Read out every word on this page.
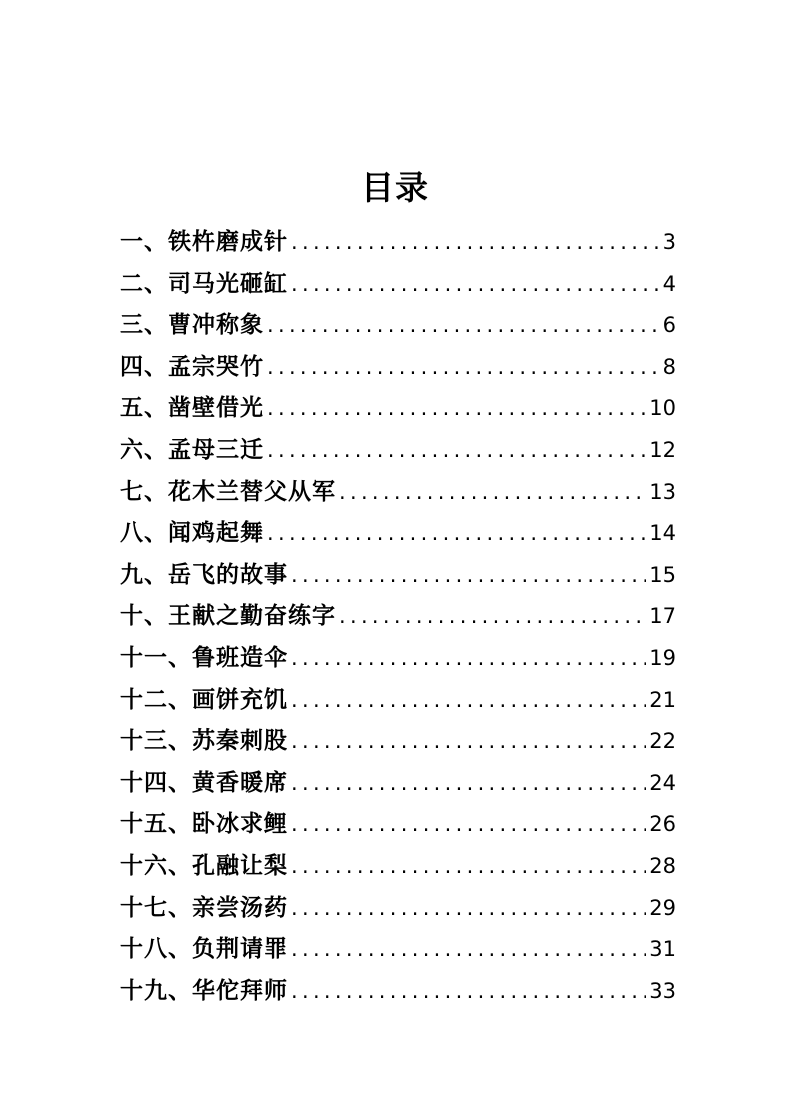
目录
一、铁杵磨成针 .....	3
二、司马光砸缸 .....	4
三、曹冲称象 .....	6
四、孟宗哭竹 .....	8
五、凿壁借光 .....	10
六、孟母三迁 .....	12
七、花木兰替父从军 .....	13
八、闻鸡起舞 .....	14
九、岳飞的故事 .....	15
十、王献之勤奋练字 .....	17
十一、鲁班造伞 .....	19
十二、画饼充饥 .....	21
十三、苏秦刺股 .....	22
十四、黄香暖席 .....	24
十五、卧冰求鲤 .....	26
十六、孔融让梨 .....	28
十七、亲尝汤药 .....	29
十八、负荆请罪 .....	31
十九、华佗拜师 .....	33
